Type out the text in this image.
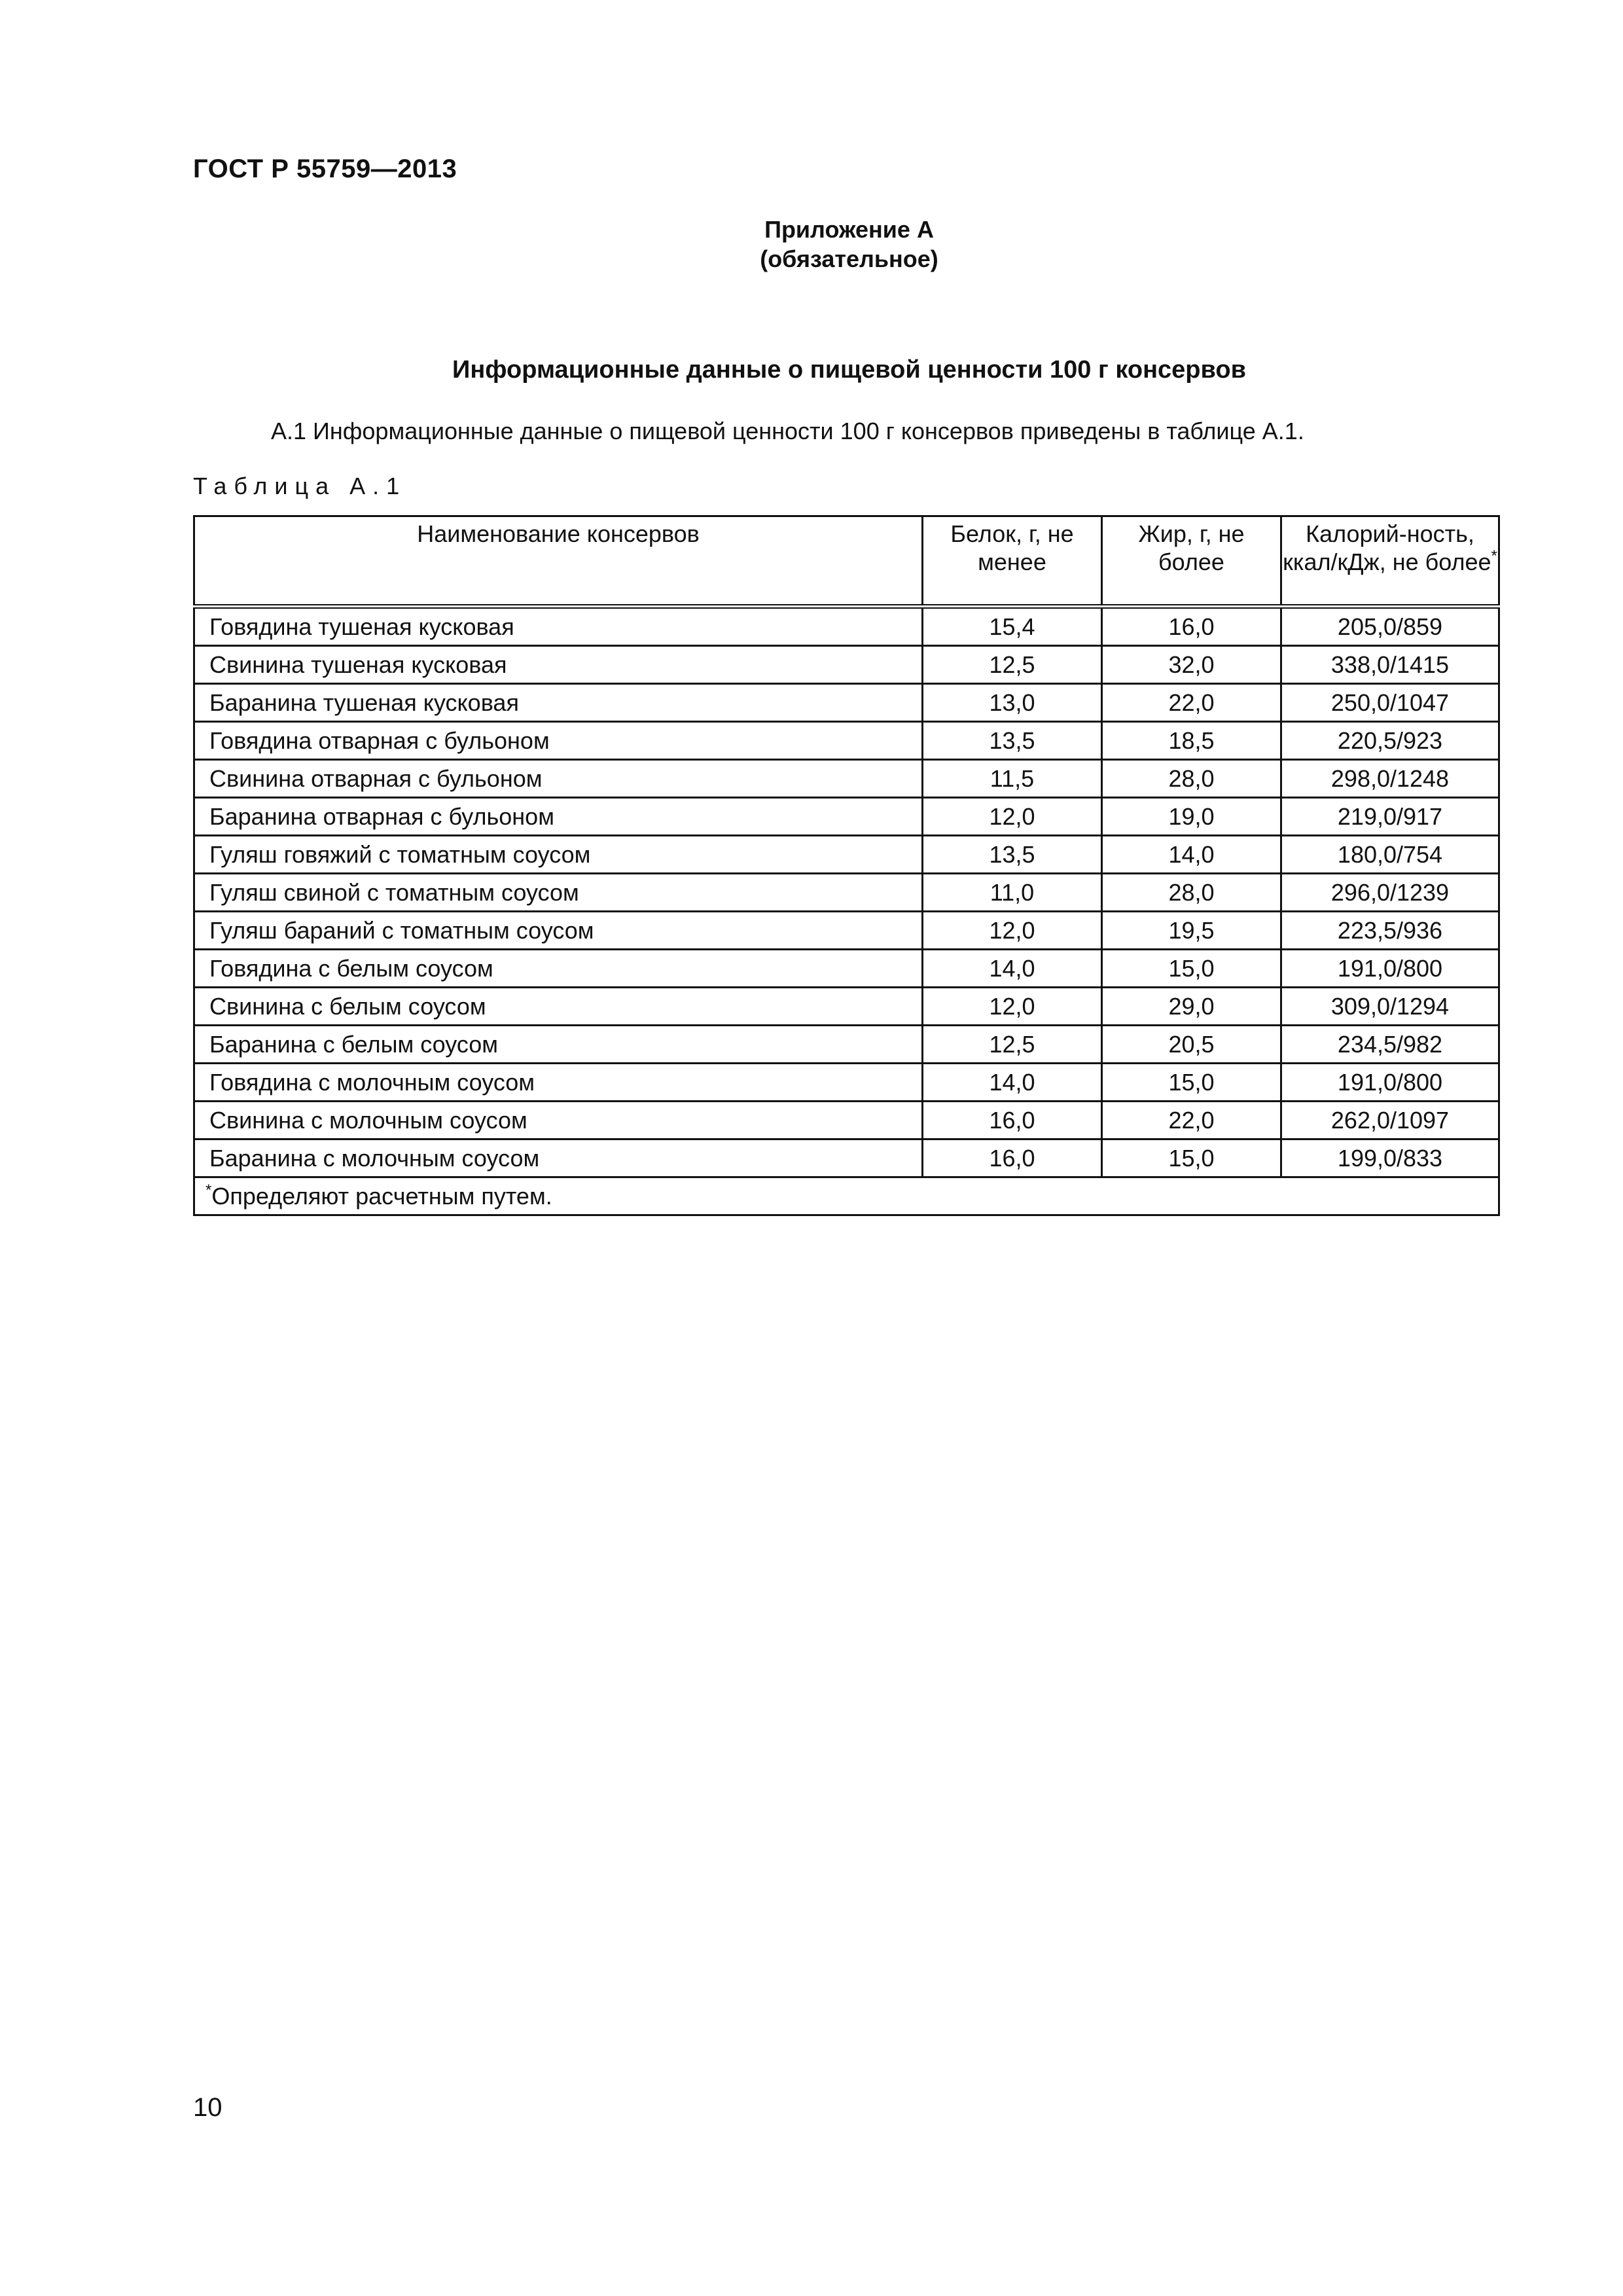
ГОСТ Р 55759—2013
Приложение А
(обязательное)
Информационные данные о пищевой ценности 100 г консервов
А.1 Информационные данные о пищевой ценности 100 г консервов приведены в таблице А.1.
Таблица А.1
Наименование консервов	Белок, г, не менее	Жир, г, не более	Калорий-ность, ккал/кДж, не более*
Говядина тушеная кусковая	15,4	16,0	205,0/859
Свинина тушеная кусковая	12,5	32,0	338,0/1415
Баранина тушеная кусковая	13,0	22,0	250,0/1047
Говядина отварная с бульоном	13,5	18,5	220,5/923
Свинина отварная с бульоном	11,5	28,0	298,0/1248
Баранина отварная с бульоном	12,0	19,0	219,0/917
Гуляш говяжий с томатным соусом	13,5	14,0	180,0/754
Гуляш свиной с томатным соусом	11,0	28,0	296,0/1239
Гуляш бараний с томатным соусом	12,0	19,5	223,5/936
Говядина с белым соусом	14,0	15,0	191,0/800
Свинина с белым соусом	12,0	29,0	309,0/1294
Баранина с белым соусом	12,5	20,5	234,5/982
Говядина с молочным соусом	14,0	15,0	191,0/800
Свинина с молочным соусом	16,0	22,0	262,0/1097
Баранина с молочным соусом	16,0	15,0	199,0/833
*Определяют расчетным путем.			
10
